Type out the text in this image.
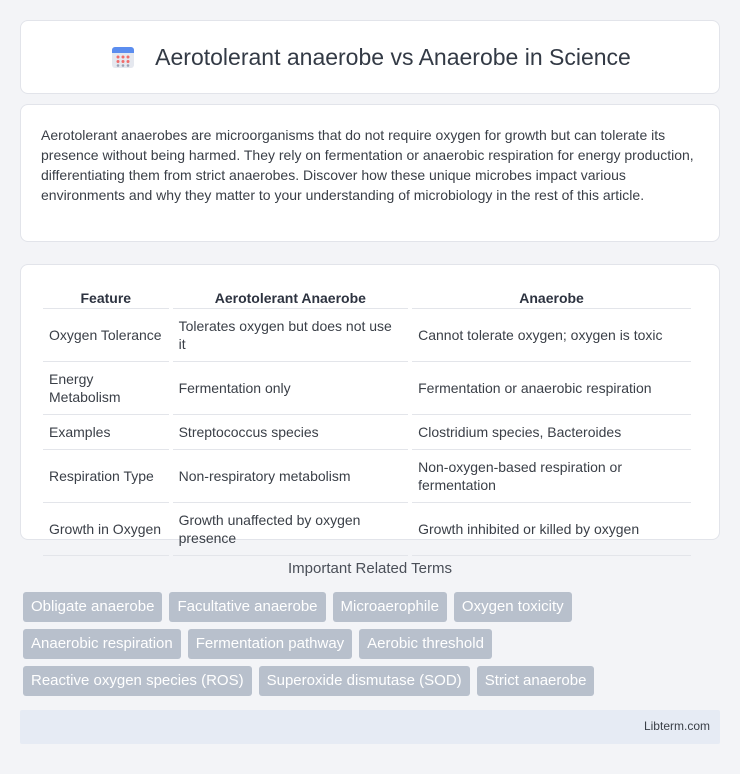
Aerotolerant anaerobe vs Anaerobe in Science

Aerotolerant anaerobes are microorganisms that do not require oxygen for growth but can tolerate its presence without being harmed. They rely on fermentation or anaerobic respiration for energy production, differentiating them from strict anaerobes. Discover how these unique microbes impact various environments and why they matter to your understanding of microbiology in the rest of this article.

Feature	Aerotolerant Anaerobe	Anaerobe
Oxygen Tolerance	Tolerates oxygen but does not use it	Cannot tolerate oxygen; oxygen is toxic
Energy Metabolism	Fermentation only	Fermentation or anaerobic respiration
Examples	Streptococcus species	Clostridium species, Bacteroides
Respiration Type	Non-respiratory metabolism	Non-oxygen-based respiration or fermentation
Growth in Oxygen	Growth unaffected by oxygen presence	Growth inhibited or killed by oxygen
Important Related Terms
Obligate anaerobe	Facultative anaerobe	Microaerophile	Oxygen toxicity
Anaerobic respiration	Fermentation pathway	Aerobic threshold
Reactive oxygen species (ROS)	Superoxide dismutase (SOD)	Strict anaerobe
Libterm.com
